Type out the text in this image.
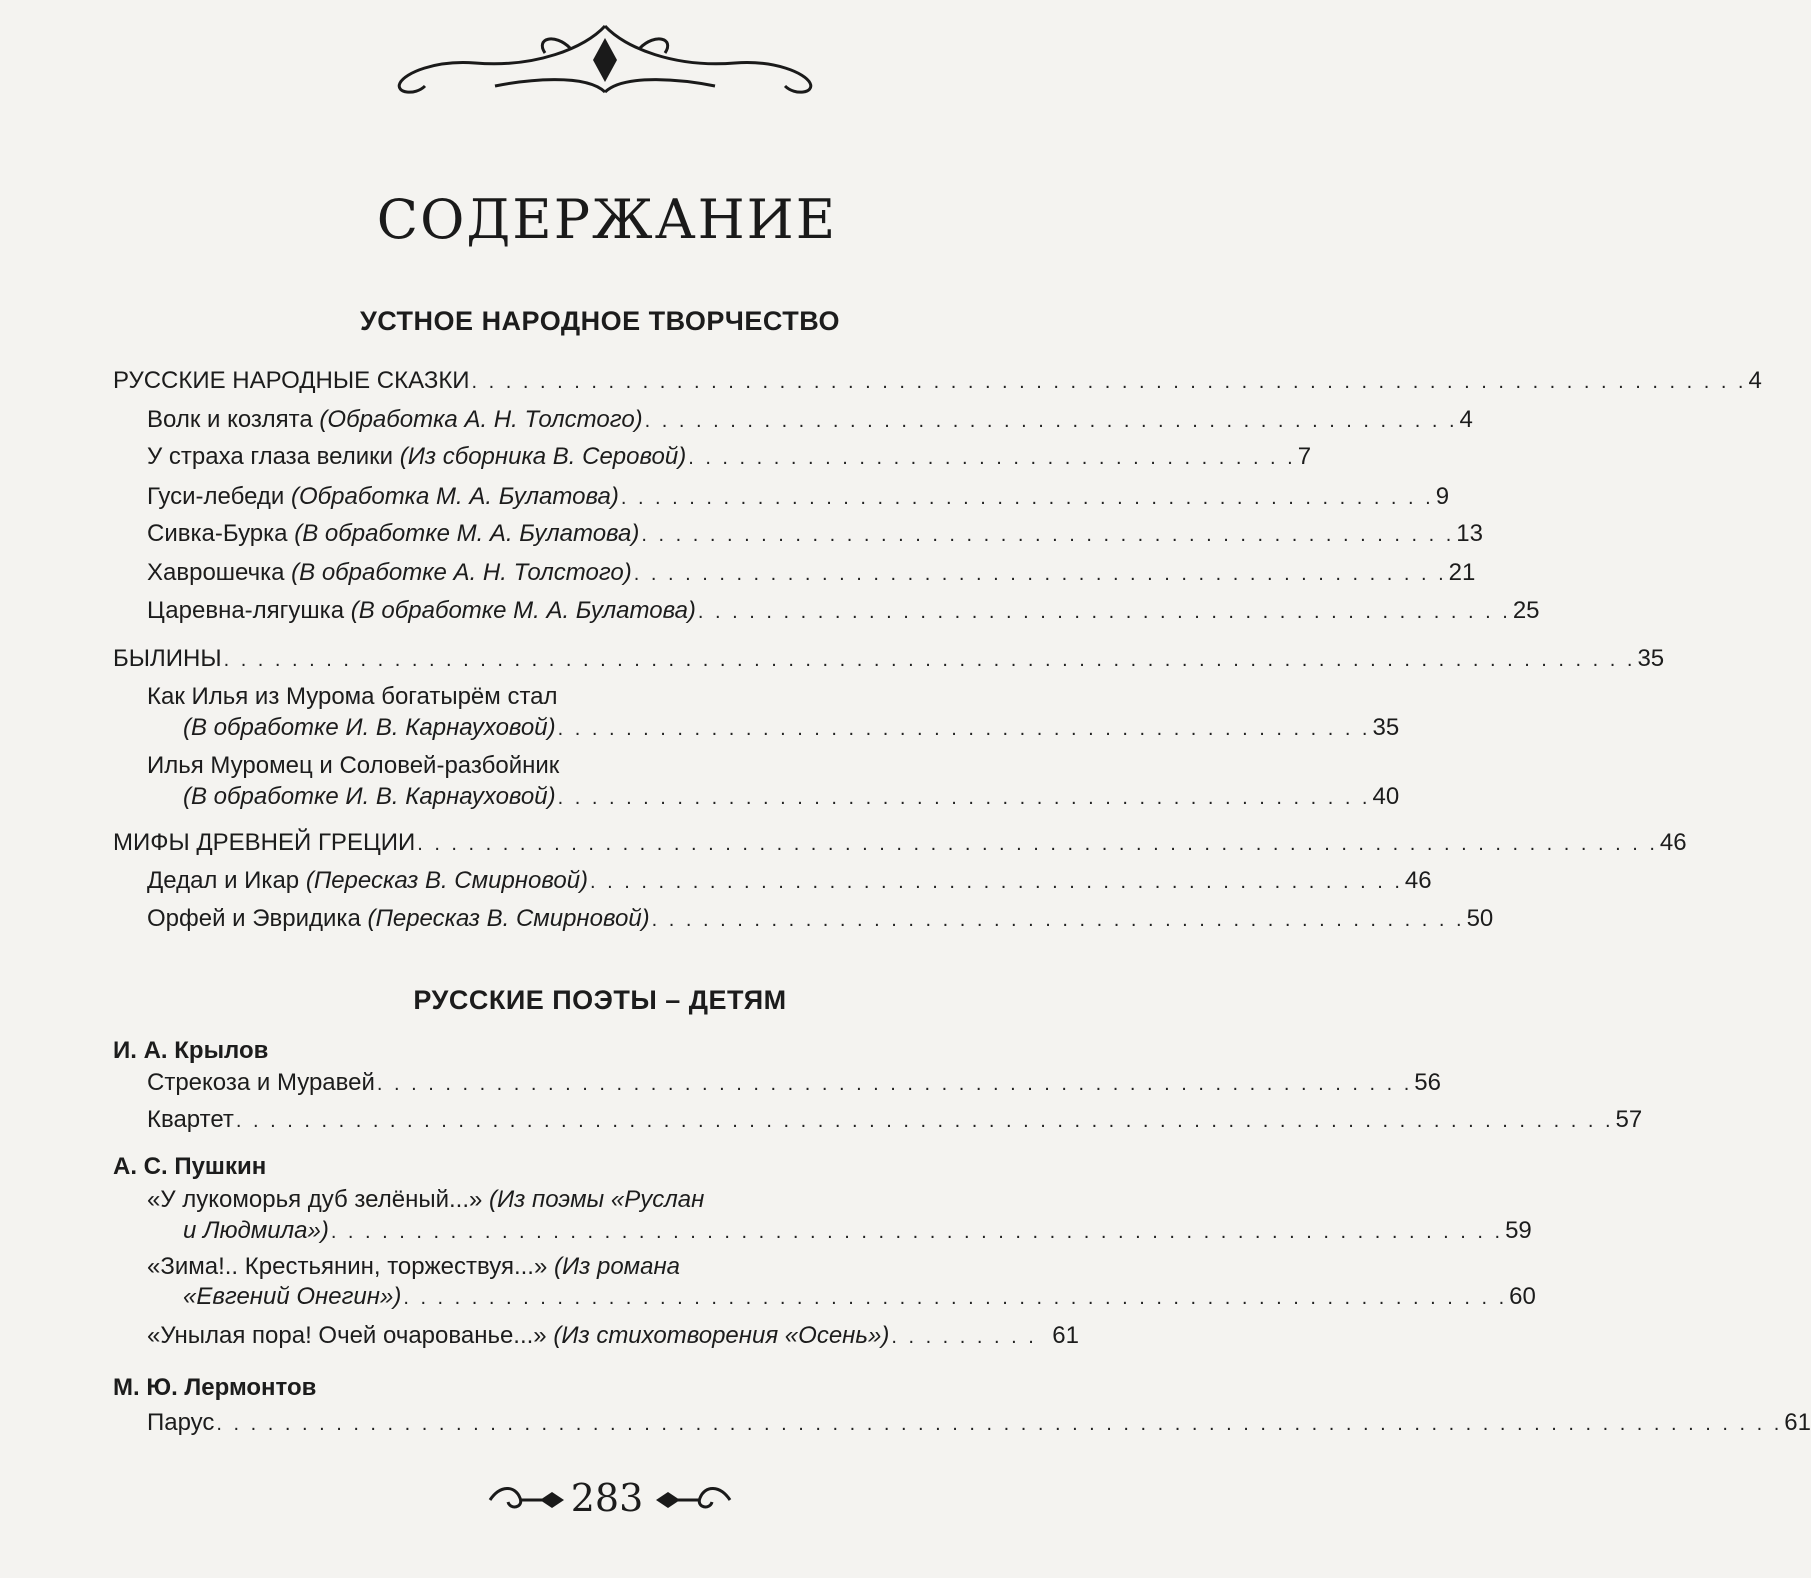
СОДЕРЖАНИЕ
УСТНОЕ НАРОДНОЕ ТВОРЧЕСТВО
РУССКИЕ НАРОДНЫЕ СКАЗКИ . . . . . . . . . . . . . . . . . . . . . . . . . . . . . . . . . . . . . . . . . . . . . . . . . . . . . . . . . . . . . . . . . . . . . . . . . . . 4
Волк и козлята (Обработка А. Н. Толстого) . . . . . . . . . . . . . . . . . . . . . . . . . . . . . . . . . . . . . . . . . . . . . . . . 4
У страха глаза велики (Из сборника В. Серовой) . . . . . . . . . . . . . . . . . . . . . . . . . . . . . . . . . . . . 7
Гуси-лебеди (Обработка М. А. Булатова) . . . . . . . . . . . . . . . . . . . . . . . . . . . . . . . . . . . . . . . . . . . . . . . . 9
Сивка-Бурка (В обработке М. А. Булатова) . . . . . . . . . . . . . . . . . . . . . . . . . . . . . . . . . . . . . . . . . . . . . . . . 13
Хаврошечка (В обработке А. Н. Толстого) . . . . . . . . . . . . . . . . . . . . . . . . . . . . . . . . . . . . . . . . . . . . . . . . 21
Царевна-лягушка (В обработке М. А. Булатова) . . . . . . . . . . . . . . . . . . . . . . . . . . . . . . . . . . . . . . . . . . . . . . . . 25
БЫЛИНЫ . . . . . . . . . . . . . . . . . . . . . . . . . . . . . . . . . . . . . . . . . . . . . . . . . . . . . . . . . . . . . . . . . . . . . . . . . . . . . . . . . . . 35
Как Илья из Мурома богатырём стал
(В обработке И. В. Карнауховой) . . . . . . . . . . . . . . . . . . . . . . . . . . . . . . . . . . . . . . . . . . . . . . . . 35
Илья Муромец и Соловей-разбойник
(В обработке И. В. Карнауховой) . . . . . . . . . . . . . . . . . . . . . . . . . . . . . . . . . . . . . . . . . . . . . . . . 40
МИФЫ ДРЕВНЕЙ ГРЕЦИИ . . . . . . . . . . . . . . . . . . . . . . . . . . . . . . . . . . . . . . . . . . . . . . . . . . . . . . . . . . . . . . . . . . . . . . . . . 46
Дедал и Икар (Пересказ В. Смирновой) . . . . . . . . . . . . . . . . . . . . . . . . . . . . . . . . . . . . . . . . . . . . . . . . 46
Орфей и Эвридика (Пересказ В. Смирновой) . . . . . . . . . . . . . . . . . . . . . . . . . . . . . . . . . . . . . . . . . . . . . . . . 50
РУССКИЕ ПОЭТЫ – ДЕТЯМ
И. А. Крылов
Стрекоза и Муравей . . . . . . . . . . . . . . . . . . . . . . . . . . . . . . . . . . . . . . . . . . . . . . . . . . . . . . . . . . . . . 56
Квартет . . . . . . . . . . . . . . . . . . . . . . . . . . . . . . . . . . . . . . . . . . . . . . . . . . . . . . . . . . . . . . . . . . . . . . . . . . . . . . . . . 57
А. С. Пушкин
«У лукоморья дуб зелёный...» (Из поэмы «Руслан
и Людмила») . . . . . . . . . . . . . . . . . . . . . . . . . . . . . . . . . . . . . . . . . . . . . . . . . . . . . . . . . . . . . . . . . . . . . 59
«Зима!.. Крестьянин, торжествуя...» (Из романа
«Евгений Онегин») . . . . . . . . . . . . . . . . . . . . . . . . . . . . . . . . . . . . . . . . . . . . . . . . . . . . . . . . . . . . . . . . . 60
«Унылая пора! Очей очарованье...» (Из стихотворения «Осень») . . . . . . . . . 61
М. Ю. Лермонтов
Парус . . . . . . . . . . . . . . . . . . . . . . . . . . . . . . . . . . . . . . . . . . . . . . . . . . . . . . . . . . . . . . . . . . . . . . . . . . . . . . . . . . . . . . . . . . . . 61
283
